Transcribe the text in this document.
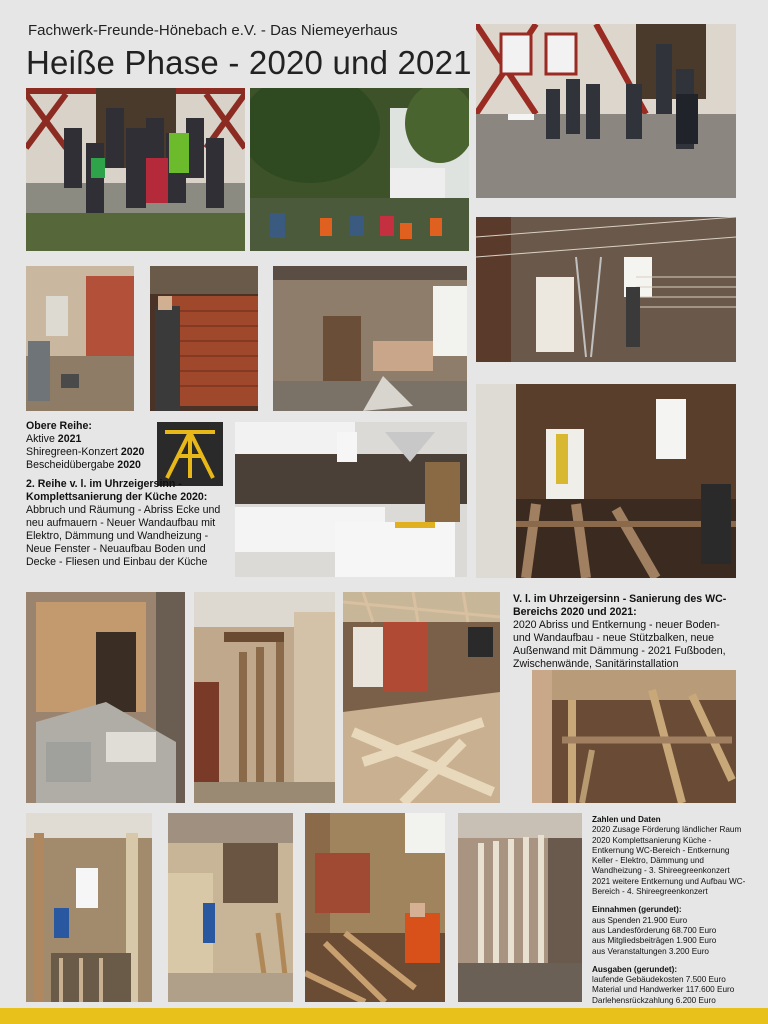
Fachwerk-Freunde-Hönebach e.V. - Das Niemeyerhaus
Heiße Phase - 2020 und 2021
Obere Reihe:
Aktive 2021
Shiregreen-Konzert 2020
Bescheidübergabe 2020
2. Reihe v. l. im Uhrzeigersinn - Komplettsanierung der Küche 2020: Abbruch und Räumung - Abriss Ecke und neu aufmauern - Neuer Wandaufbau mit Elektro, Dämmung und Wandheizung - Neue Fenster - Neuaufbau Boden und Decke - Fliesen und Einbau der Küche
V. l. im Uhrzeigersinn - Sanierung des WC-Bereichs 2020 und 2021:
2020 Abriss und Entkernung - neuer Boden- und Wandaufbau - neue Stützbalken, neue Außenwand mit Dämmung - 2021 Fußboden, Zwischenwände, Sanitärinstallation
Zahlen und Daten
2020 Zusage Förderung ländlicher Raum
2020 Komplettsanierung Küche - Entkernung WC-Bereich - Entkernung Keller - Elektro, Dämmung und Wandheizung - 3. Shireegreenkonzert
2021 weitere Entkernung und Aufbau WC-Bereich - 4. Shireegreenkonzert
Einnahmen (gerundet):
aus Spenden 21.900 Euro
aus Landesförderung 68.700 Euro
aus Mitgliedsbeiträgen 1.900 Euro
aus Veranstaltungen 3.200 Euro
Ausgaben (gerundet):
laufende Gebäudekosten 7.500 Euro
Material und Handwerker 117.600 Euro
Darlehensrückzahlung 6.200 Euro
